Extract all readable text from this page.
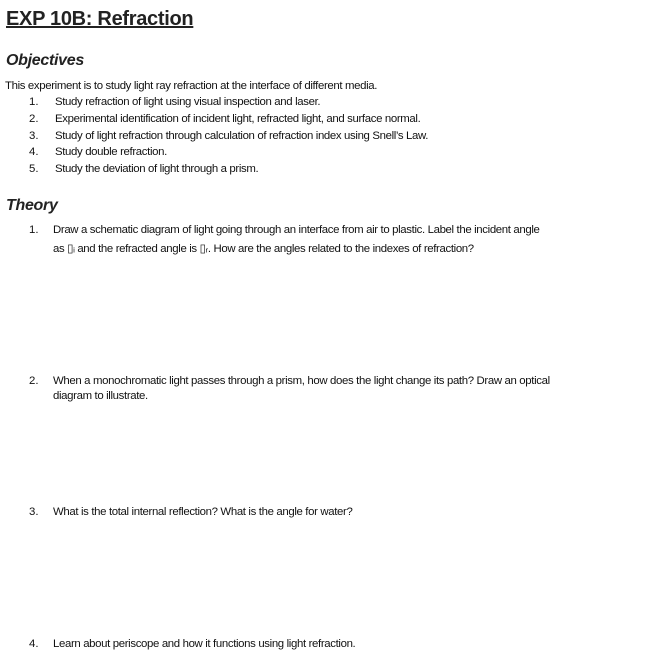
EXP 10B: Refraction
Objectives
This experiment is to study light ray refraction at the interface of different media.
1. Study refraction of light using visual inspection and laser.
2. Experimental identification of incident light, refracted light, and surface normal.
3. Study of light refraction through calculation of refraction index using Snell’s Law.
4. Study double refraction.
5. Study the deviation of light through a prism.
Theory
1. Draw a schematic diagram of light going through an interface from air to plastic. Label the incident angle
as ▯ᵢ and the refracted angle is ▯ᵣ. How are the angles related to the indexes of refraction?
2. When a monochromatic light passes through a prism, how does the light change its path? Draw an optical
diagram to illustrate.
3. What is the total internal reflection? What is the angle for water?
4. Learn about periscope and how it functions using light refraction.
